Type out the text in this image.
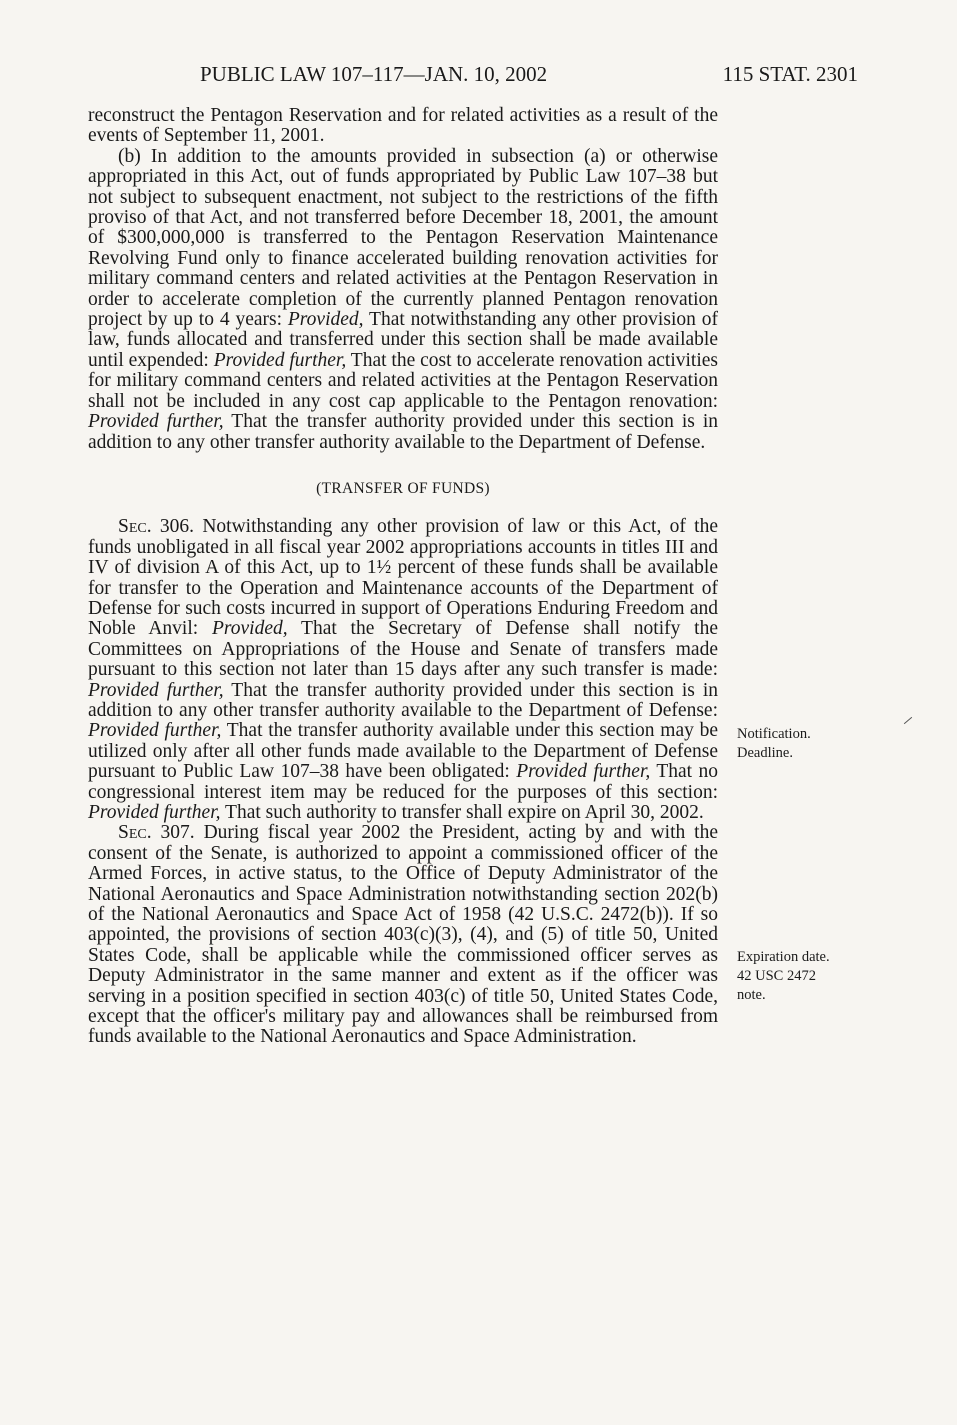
PUBLIC LAW 107–117—JAN. 10, 2002	115 STAT. 2301

reconstruct the Pentagon Reservation and for related activities as a result of the events of September 11, 2001.

(b) In addition to the amounts provided in subsection (a) or otherwise appropriated in this Act, out of funds appropriated by Public Law 107–38 but not subject to subsequent enactment, not subject to the restrictions of the fifth proviso of that Act, and not transferred before December 18, 2001, the amount of $300,000,000 is transferred to the Pentagon Reservation Maintenance Revolving Fund only to finance accelerated building renovation activities for military command centers and related activities at the Pentagon Reservation in order to accelerate completion of the currently planned Pentagon renovation project by up to 4 years: Provided, That notwithstanding any other provision of law, funds allocated and transferred under this section shall be made available until expended: Provided further, That the cost to accelerate renovation activities for military command centers and related activities at the Pentagon Reservation shall not be included in any cost cap applicable to the Pentagon renovation: Provided further, That the transfer authority provided under this section is in addition to any other transfer authority available to the Department of Defense.

(TRANSFER OF FUNDS)

Sec. 306. Notwithstanding any other provision of law or this Act, of the funds unobligated in all fiscal year 2002 appropriations accounts in titles III and IV of division A of this Act, up to 1½ percent of these funds shall be available for transfer to the Operation and Maintenance accounts of the Department of Defense for such costs incurred in support of Operations Enduring Freedom and Noble Anvil: Provided, That the Secretary of Defense shall notify the Committees on Appropriations of the House and Senate of transfers made pursuant to this section not later than 15 days after any such transfer is made: Provided further, That the transfer authority provided under this section is in addition to any other transfer authority available to the Department of Defense: Provided further, That the transfer authority available under this section may be utilized only after all other funds made available to the Department of Defense pursuant to Public Law 107–38 have been obligated: Provided further, That no congressional interest item may be reduced for the purposes of this section: Provided further, That such authority to transfer shall expire on April 30, 2002.

Sec. 307. During fiscal year 2002 the President, acting by and with the consent of the Senate, is authorized to appoint a commissioned officer of the Armed Forces, in active status, to the Office of Deputy Administrator of the National Aeronautics and Space Administration notwithstanding section 202(b) of the National Aeronautics and Space Act of 1958 (42 U.S.C. 2472(b)). If so appointed, the provisions of section 403(c)(3), (4), and (5) of title 50, United States Code, shall be applicable while the commissioned officer serves as Deputy Administrator in the same manner and extent as if the officer was serving in a position specified in section 403(c) of title 50, United States Code, except that the officer's military pay and allowances shall be reimbursed from funds available to the National Aeronautics and Space Administration.

Notification.
Deadline.
Expiration date.
42 USC 2472
note.
